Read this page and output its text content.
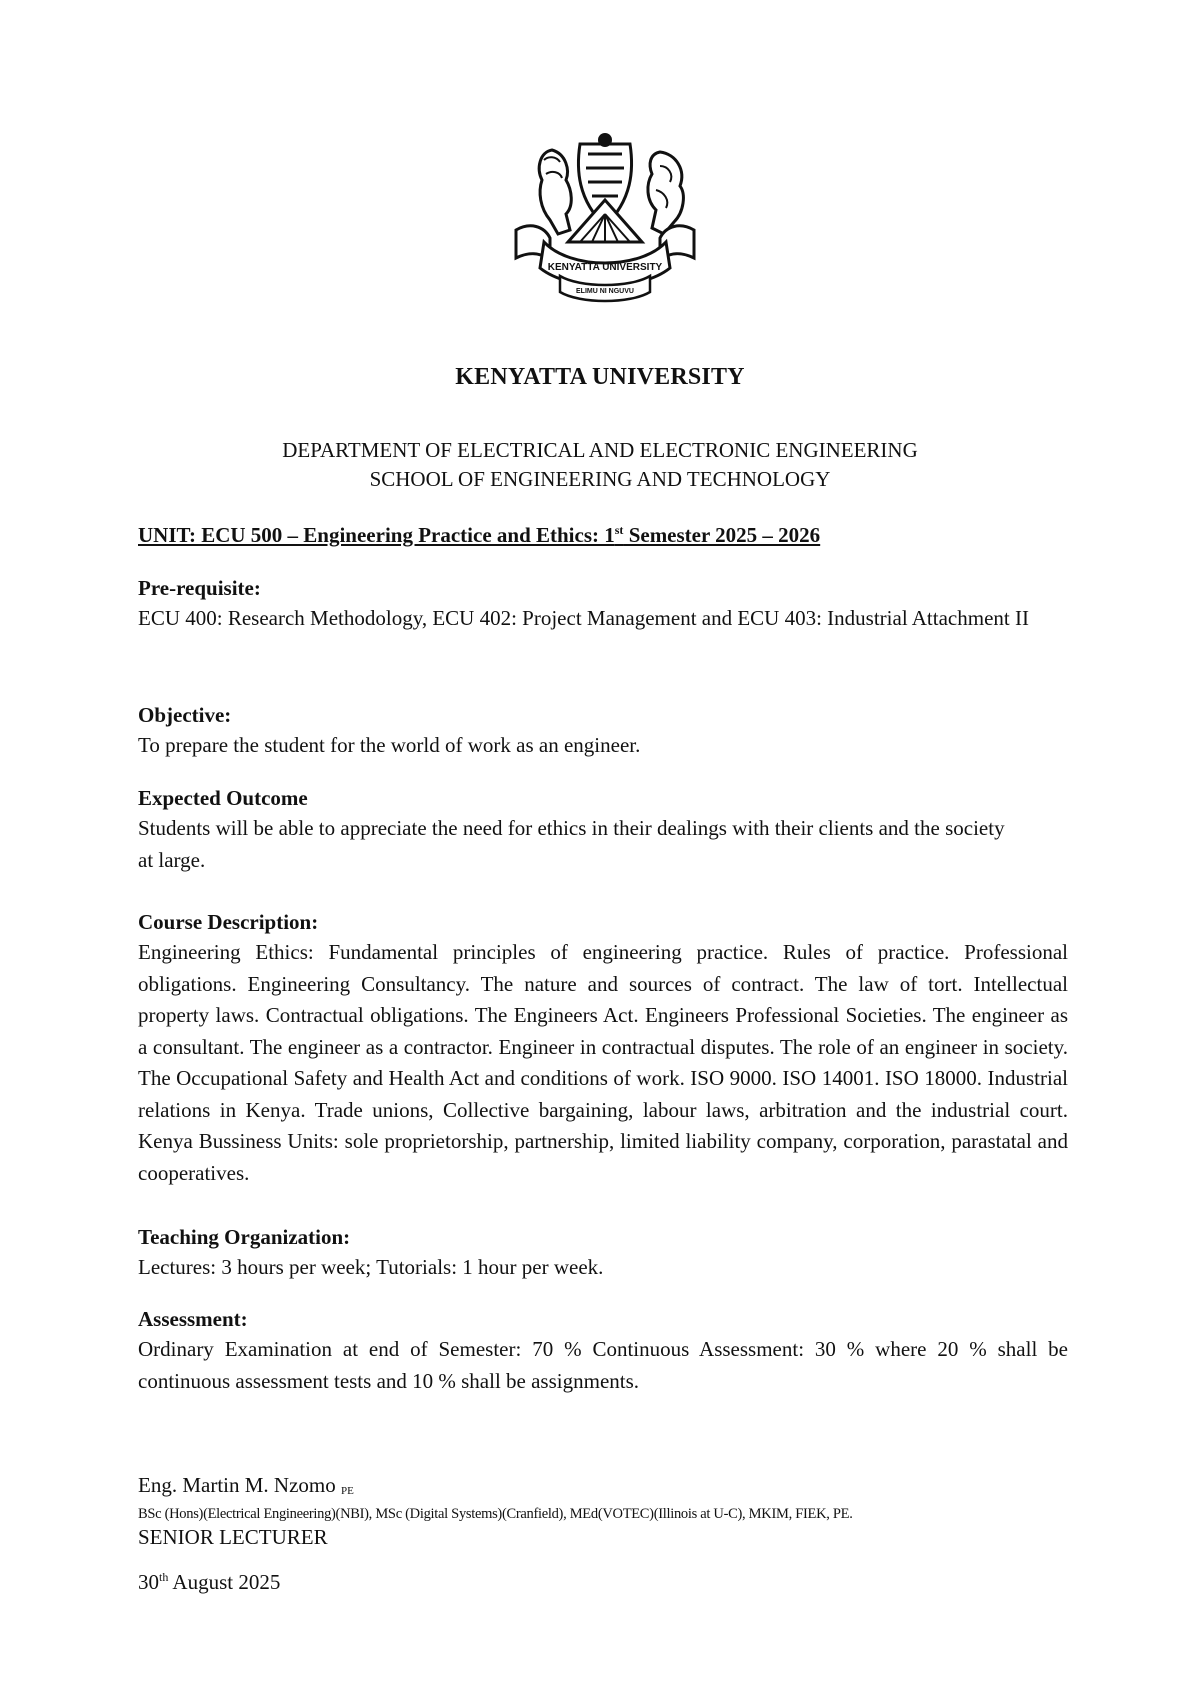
KENYATTA UNIVERSITY
ELIMU NI NGUVU
KENYATTA UNIVERSITY
DEPARTMENT OF ELECTRICAL AND ELECTRONIC ENGINEERING
SCHOOL OF ENGINEERING AND TECHNOLOGY
UNIT: ECU 500 – Engineering Practice and Ethics: 1st Semester 2025 – 2026
Pre-requisite:
ECU 400: Research Methodology, ECU 402: Project Management and ECU 403: Industrial Attachment II
Objective:
To prepare the student for the world of work as an engineer.
Expected Outcome
Students will be able to appreciate the need for ethics in their dealings with their clients and the society at large.
Course Description:
Engineering Ethics: Fundamental principles of engineering practice. Rules of practice. Professional obligations. Engineering Consultancy. The nature and sources of contract. The law of tort. Intellectual property laws. Contractual obligations. The Engineers Act. Engineers Professional Societies. The engineer as a consultant. The engineer as a contractor. Engineer in contractual disputes. The role of an engineer in society. The Occupational Safety and Health Act and conditions of work. ISO 9000. ISO 14001. ISO 18000. Industrial relations in Kenya. Trade unions, Collective bargaining, labour laws, arbitration and the industrial court. Kenya Bussiness Units: sole proprietorship, partnership, limited liability company, corporation, parastatal and cooperatives.
Teaching Organization:
Lectures: 3 hours per week; Tutorials: 1 hour per week.
Assessment:
Ordinary Examination at end of Semester: 70 % Continuous Assessment: 30 % where 20 % shall be continuous assessment tests and 10 % shall be assignments.
Eng. Martin M. Nzomo PE
BSc (Hons)(Electrical Engineering)(NBI), MSc (Digital Systems)(Cranfield), MEd(VOTEC)(Illinois at U-C), MKIM, FIEK, PE.
SENIOR LECTURER
30th August 2025
